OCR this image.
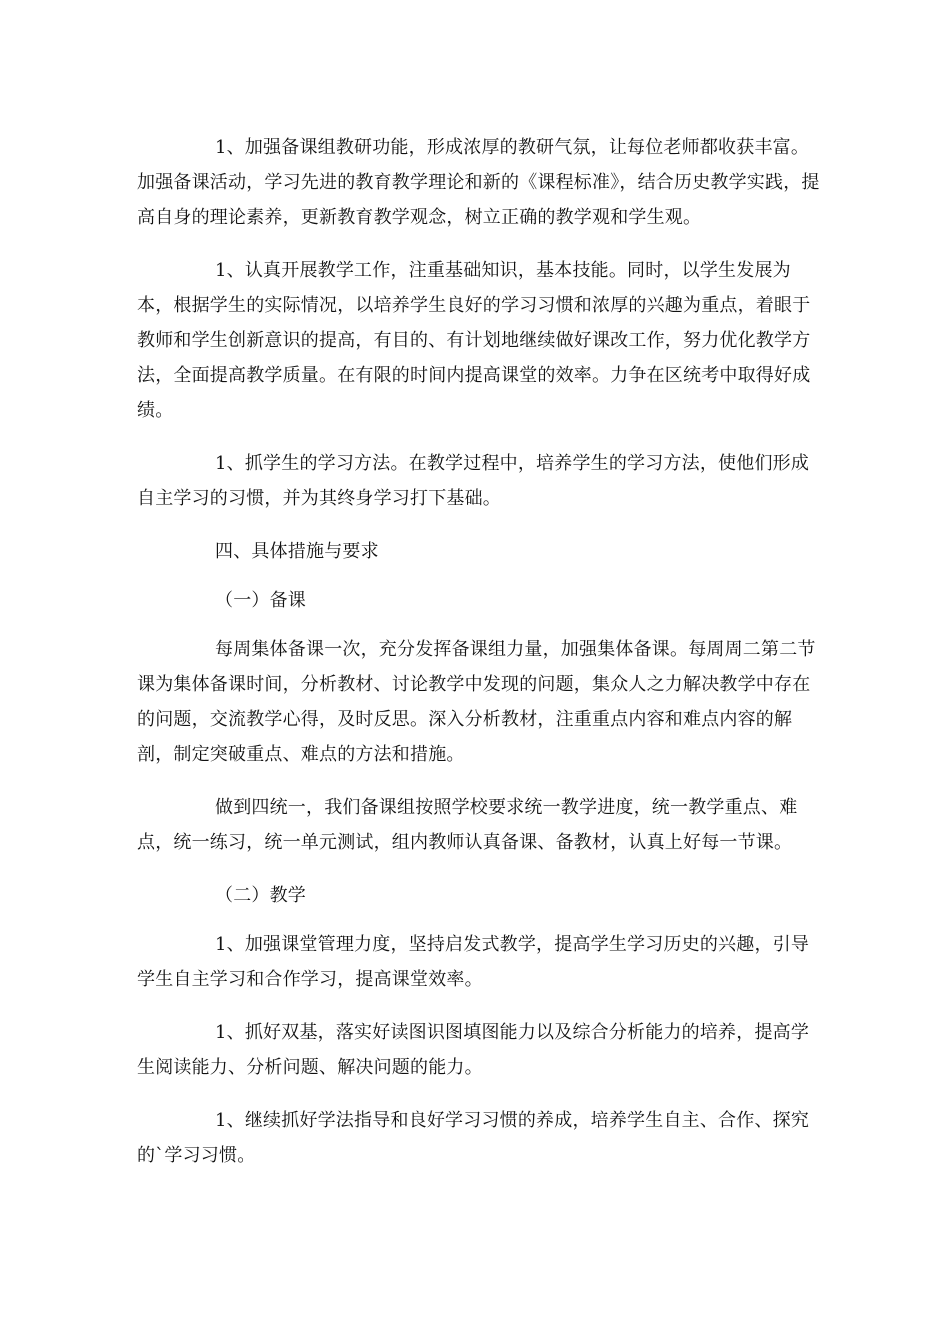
1、加强备课组教研功能，形成浓厚的教研气氛，让每位老师都收获丰富。加强备课活动，学习先进的教育教学理论和新的《课程标准》，结合历史教学实践，提高自身的理论素养，更新教育教学观念，树立正确的教学观和学生观。

1、认真开展教学工作，注重基础知识，基本技能。同时，以学生发展为本，根据学生的实际情况，以培养学生良好的学习习惯和浓厚的兴趣为重点，着眼于教师和学生创新意识的提高，有目的、有计划地继续做好课改工作，努力优化教学方法，全面提高教学质量。在有限的时间内提高课堂的效率。力争在区统考中取得好成绩。

1、抓学生的学习方法。在教学过程中，培养学生的学习方法，使他们形成自主学习的习惯，并为其终身学习打下基础。

四、具体措施与要求

（一）备课

每周集体备课一次，充分发挥备课组力量，加强集体备课。每周周二第二节课为集体备课时间，分析教材、讨论教学中发现的问题，集众人之力解决教学中存在的问题，交流教学心得，及时反思。深入分析教材，注重重点内容和难点内容的解剖，制定突破重点、难点的方法和措施。

做到四统一，我们备课组按照学校要求统一教学进度，统一教学重点、难点，统一练习，统一单元测试，组内教师认真备课、备教材，认真上好每一节课。

（二）教学

1、加强课堂管理力度，坚持启发式教学，提高学生学习历史的兴趣，引导学生自主学习和合作学习，提高课堂效率。

1、抓好双基，落实好读图识图填图能力以及综合分析能力的培养，提高学生阅读能力、分析问题、解决问题的能力。

1、继续抓好学法指导和良好学习习惯的养成，培养学生自主、合作、探究的`学习习惯。
